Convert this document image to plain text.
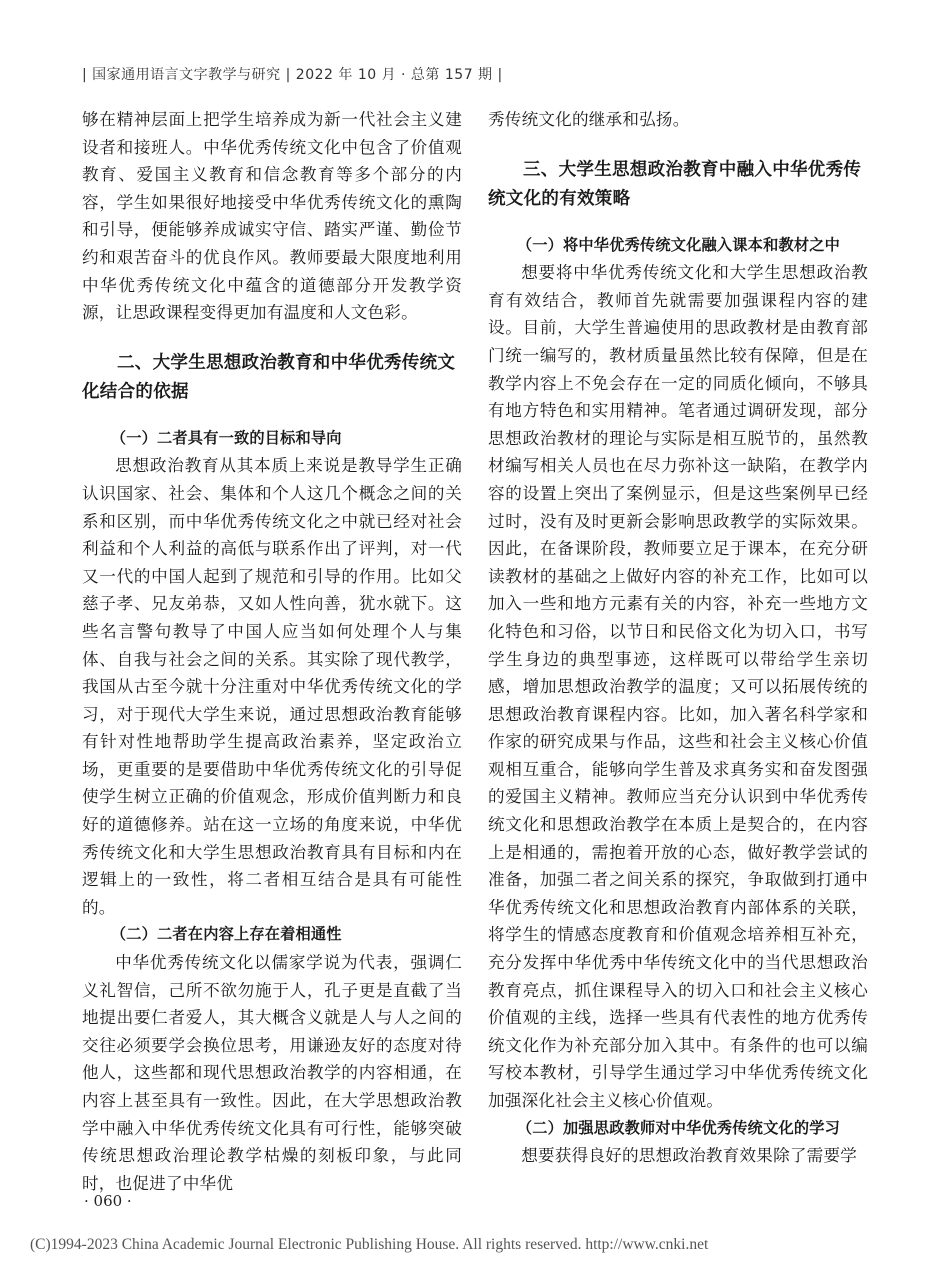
| 国家通用语言文字教学与研究 | 2022 年 10 月 · 总第 157 期 |

够在精神层面上把学生培养成为新一代社会主义建设者和接班人。中华优秀传统文化中包含了价值观教育、爱国主义教育和信念教育等多个部分的内容，学生如果很好地接受中华优秀传统文化的熏陶和引导，便能够养成诚实守信、踏实严谨、勤俭节约和艰苦奋斗的优良作风。教师要最大限度地利用中华优秀传统文化中蕴含的道德部分开发教学资源，让思政课程变得更加有温度和人文色彩。

二、大学生思想政治教育和中华优秀传统文化结合的依据
（一）二者具有一致的目标和导向

思想政治教育从其本质上来说是教导学生正确认识国家、社会、集体和个人这几个概念之间的关系和区别，而中华优秀传统文化之中就已经对社会利益和个人利益的高低与联系作出了评判，对一代又一代的中国人起到了规范和引导的作用。比如父慈子孝、兄友弟恭，又如人性向善，犹水就下。这些名言警句教导了中国人应当如何处理个人与集体、自我与社会之间的关系。其实除了现代教学，我国从古至今就十分注重对中华优秀传统文化的学习，对于现代大学生来说，通过思想政治教育能够有针对性地帮助学生提高政治素养，坚定政治立场，更重要的是要借助中华优秀传统文化的引导促使学生树立正确的价值观念，形成价值判断力和良好的道德修养。站在这一立场的角度来说，中华优秀传统文化和大学生思想政治教育具有目标和内在逻辑上的一致性，将二者相互结合是具有可能性的。

（二）二者在内容上存在着相通性

中华优秀传统文化以儒家学说为代表，强调仁义礼智信，己所不欲勿施于人，孔子更是直截了当地提出要仁者爱人，其大概含义就是人与人之间的交往必须要学会换位思考，用谦逊友好的态度对待他人，这些都和现代思想政治教学的内容相通，在内容上甚至具有一致性。因此，在大学思想政治教学中融入中华优秀传统文化具有可行性，能够突破传统思想政治理论教学枯燥的刻板印象，与此同时，也促进了中华优

秀传统文化的继承和弘扬。

三、大学生思想政治教育中融入中华优秀传统文化的有效策略
（一）将中华优秀传统文化融入课本和教材之中

想要将中华优秀传统文化和大学生思想政治教育有效结合，教师首先就需要加强课程内容的建设。目前，大学生普遍使用的思政教材是由教育部门统一编写的，教材质量虽然比较有保障，但是在教学内容上不免会存在一定的同质化倾向，不够具有地方特色和实用精神。笔者通过调研发现，部分思想政治教材的理论与实际是相互脱节的，虽然教材编写相关人员也在尽力弥补这一缺陷，在教学内容的设置上突出了案例显示，但是这些案例早已经过时，没有及时更新会影响思政教学的实际效果。因此，在备课阶段，教师要立足于课本，在充分研读教材的基础之上做好内容的补充工作，比如可以加入一些和地方元素有关的内容，补充一些地方文化特色和习俗，以节日和民俗文化为切入口，书写学生身边的典型事迹，这样既可以带给学生亲切感，增加思想政治教学的温度；又可以拓展传统的思想政治教育课程内容。比如，加入著名科学家和作家的研究成果与作品，这些和社会主义核心价值观相互重合，能够向学生普及求真务实和奋发图强的爱国主义精神。教师应当充分认识到中华优秀传统文化和思想政治教学在本质上是契合的，在内容上是相通的，需抱着开放的心态，做好教学尝试的准备，加强二者之间关系的探究，争取做到打通中华优秀传统文化和思想政治教育内部体系的关联，将学生的情感态度教育和价值观念培养相互补充，充分发挥中华优秀中华传统文化中的当代思想政治教育亮点，抓住课程导入的切入口和社会主义核心价值观的主线，选择一些具有代表性的地方优秀传统文化作为补充部分加入其中。有条件的也可以编写校本教材，引导学生通过学习中华优秀传统文化加强深化社会主义核心价值观。

（二）加强思政教师对中华优秀传统文化的学习

想要获得良好的思想政治教育效果除了需要学

· 060 ·
(C)1994-2023 China Academic Journal Electronic Publishing House. All rights reserved. http://www.cnki.net
